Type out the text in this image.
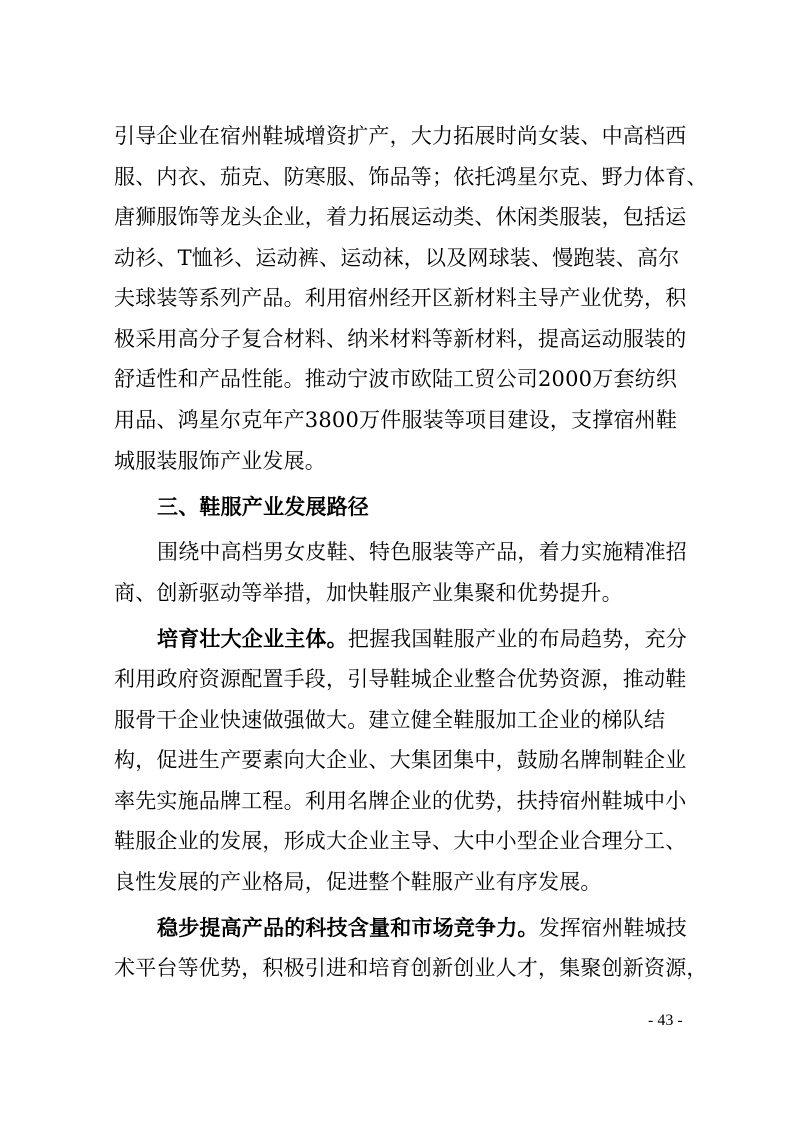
引导企业在宿州鞋城增资扩产，大力拓展时尚女装、中高档西
服、内衣、茄克、防寒服、饰品等；依托鸿星尔克、野力体育、
唐狮服饰等龙头企业，着力拓展运动类、休闲类服装，包括运
动衫、T恤衫、运动裤、运动袜，以及网球装、慢跑装、高尔
夫球装等系列产品。利用宿州经开区新材料主导产业优势，积
极采用高分子复合材料、纳米材料等新材料，提高运动服装的
舒适性和产品性能。推动宁波市欧陆工贸公司2000万套纺织
用品、鸿星尔克年产3800万件服装等项目建设，支撑宿州鞋
城服装服饰产业发展。
三、鞋服产业发展路径
围绕中高档男女皮鞋、特色服装等产品，着力实施精准招
商、创新驱动等举措，加快鞋服产业集聚和优势提升。
培育壮大企业主体。把握我国鞋服产业的布局趋势，充分
利用政府资源配置手段，引导鞋城企业整合优势资源，推动鞋
服骨干企业快速做强做大。建立健全鞋服加工企业的梯队结
构，促进生产要素向大企业、大集团集中，鼓励名牌制鞋企业
率先实施品牌工程。利用名牌企业的优势，扶持宿州鞋城中小
鞋服企业的发展，形成大企业主导、大中小型企业合理分工、
良性发展的产业格局，促进整个鞋服产业有序发展。
稳步提高产品的科技含量和市场竞争力。发挥宿州鞋城技
术平台等优势，积极引进和培育创新创业人才，集聚创新资源，
- 43 -
